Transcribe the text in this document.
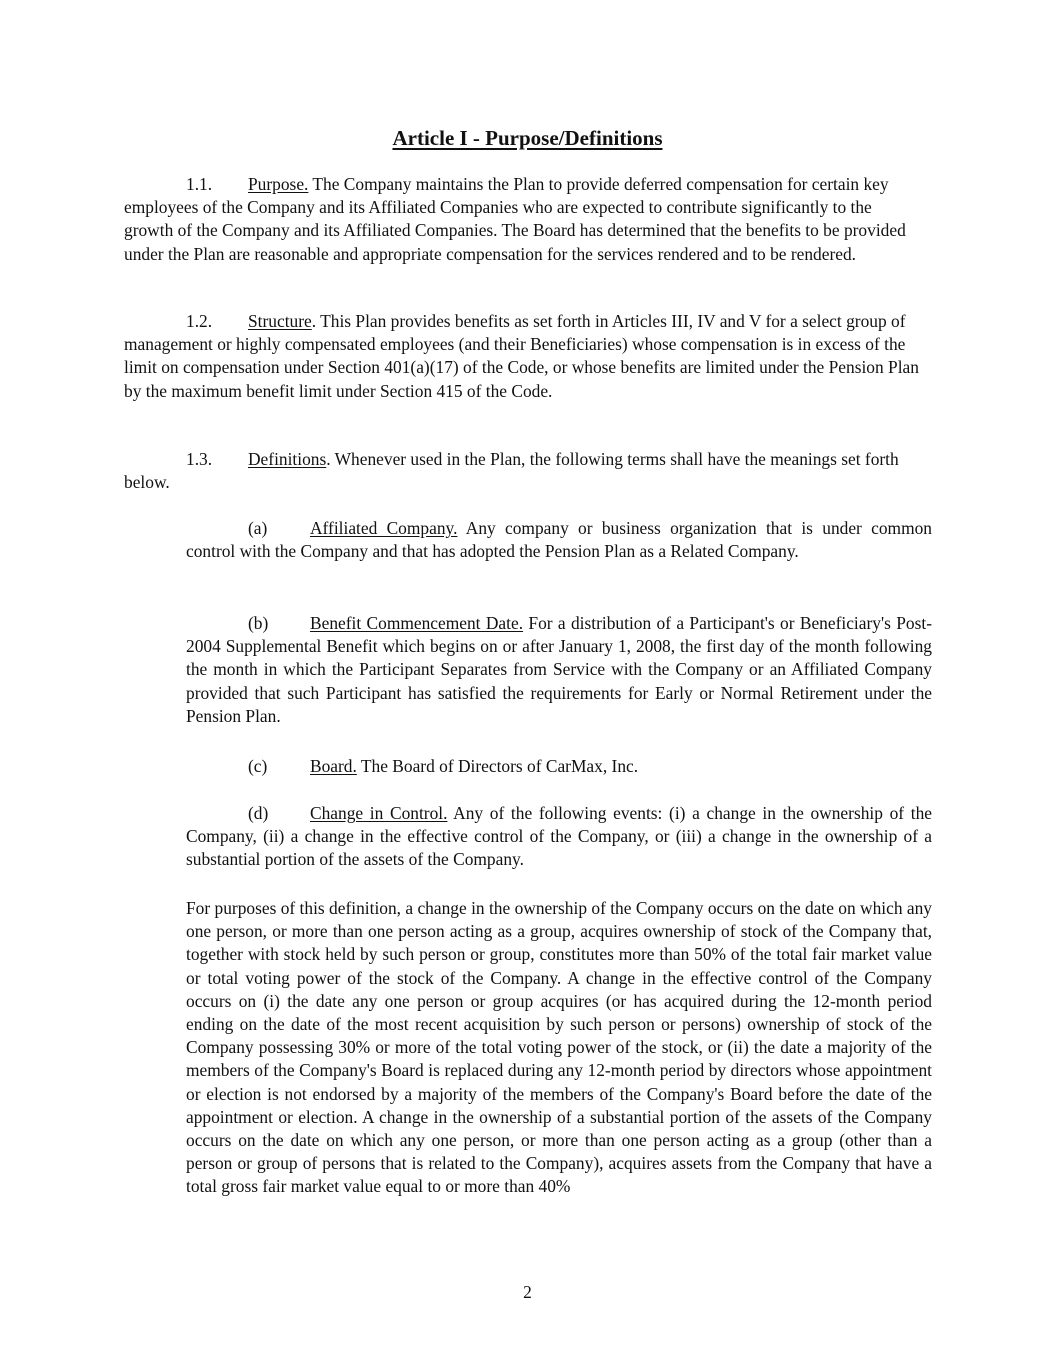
Article I - Purpose/Definitions

1.1. Purpose. The Company maintains the Plan to provide deferred compensation for certain key employees of the Company and its Affiliated Companies who are expected to contribute significantly to the growth of the Company and its Affiliated Companies. The Board has determined that the benefits to be provided under the Plan are reasonable and appropriate compensation for the services rendered and to be rendered.

1.2. Structure. This Plan provides benefits as set forth in Articles III, IV and V for a select group of management or highly compensated employees (and their Beneficiaries) whose compensation is in excess of the limit on compensation under Section 401(a)(17) of the Code, or whose benefits are limited under the Pension Plan by the maximum benefit limit under Section 415 of the Code.

1.3. Definitions. Whenever used in the Plan, the following terms shall have the meanings set forth below.

(a) Affiliated Company. Any company or business organization that is under common control with the Company and that has adopted the Pension Plan as a Related Company.

(b) Benefit Commencement Date. For a distribution of a Participant's or Beneficiary's Post-2004 Supplemental Benefit which begins on or after January 1, 2008, the first day of the month following the month in which the Participant Separates from Service with the Company or an Affiliated Company provided that such Participant has satisfied the requirements for Early or Normal Retirement under the Pension Plan.

(c) Board. The Board of Directors of CarMax, Inc.

(d) Change in Control. Any of the following events: (i) a change in the ownership of the Company, (ii) a change in the effective control of the Company, or (iii) a change in the ownership of a substantial portion of the assets of the Company.

For purposes of this definition, a change in the ownership of the Company occurs on the date on which any one person, or more than one person acting as a group, acquires ownership of stock of the Company that, together with stock held by such person or group, constitutes more than 50% of the total fair market value or total voting power of the stock of the Company. A change in the effective control of the Company occurs on (i) the date any one person or group acquires (or has acquired during the 12-month period ending on the date of the most recent acquisition by such person or persons) ownership of stock of the Company possessing 30% or more of the total voting power of the stock, or (ii) the date a majority of the members of the Company's Board is replaced during any 12-month period by directors whose appointment or election is not endorsed by a majority of the members of the Company's Board before the date of the appointment or election. A change in the ownership of a substantial portion of the assets of the Company occurs on the date on which any one person, or more than one person acting as a group (other than a person or group of persons that is related to the Company), acquires assets from the Company that have a total gross fair market value equal to or more than 40%

2
